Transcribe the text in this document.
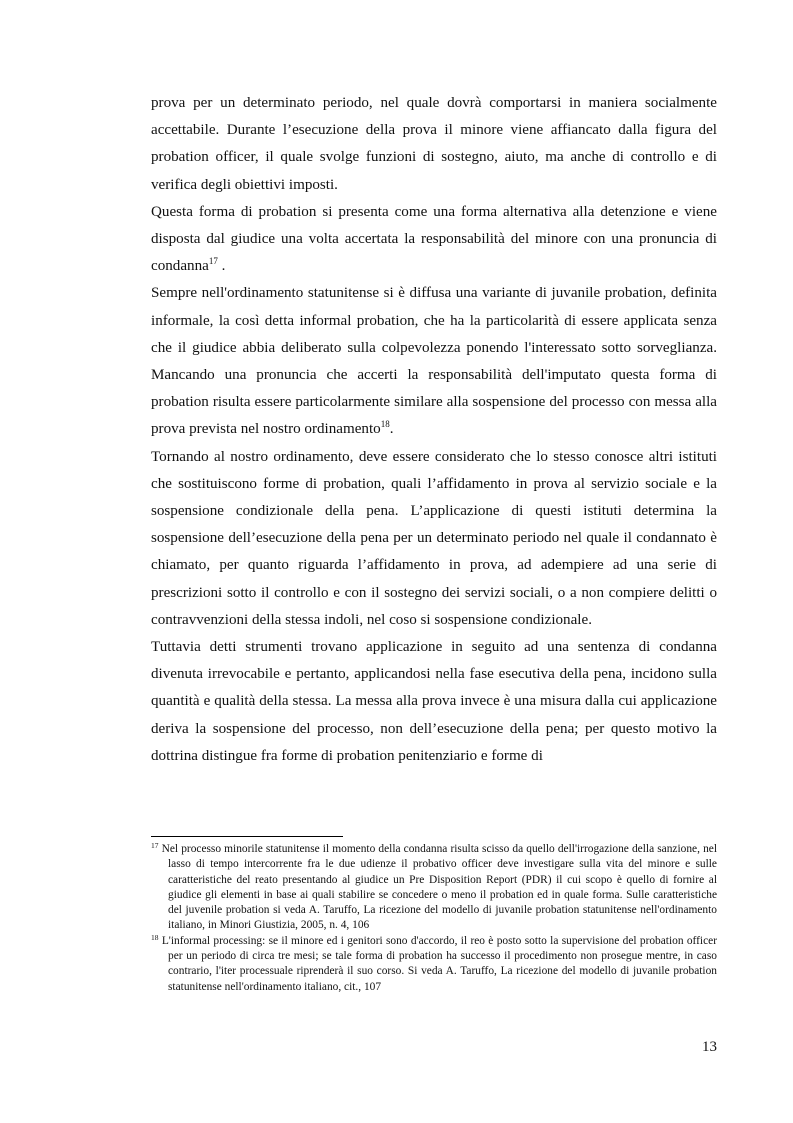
prova per un determinato periodo, nel quale dovrà comportarsi in maniera socialmente accettabile. Durante l’esecuzione della prova il minore viene affiancato dalla figura del probation officer, il quale svolge funzioni di sostegno, aiuto, ma anche di controllo e di verifica degli obiettivi imposti.

Questa forma di probation si presenta come una forma alternativa alla detenzione e viene disposta dal giudice una volta accertata la responsabilità del minore con una pronuncia di condanna$^{17}$ .

Sempre nell'ordinamento statunitense si è diffusa una variante di juvanile probation, definita informale, la così detta informal probation, che ha la particolarità di essere applicata senza che il giudice abbia deliberato sulla colpevolezza ponendo l'interessato sotto sorveglianza. Mancando una pronuncia che accerti la responsabilità dell'imputato questa forma di probation risulta essere particolarmente similare alla sospensione del processo con messa alla prova prevista nel nostro ordinamento$^{18}$.

Tornando al nostro ordinamento, deve essere considerato che lo stesso conosce altri istituti che sostituiscono forme di probation, quali l’affidamento in prova al servizio sociale e la sospensione condizionale della pena. L’applicazione di questi istituti determina la sospensione dell’esecuzione della pena per un determinato periodo nel quale il condannato è chiamato, per quanto riguarda l’affidamento in prova, ad adempiere ad una serie di prescrizioni sotto il controllo e con il sostegno dei servizi sociali, o a non compiere delitti o contravvenzioni della stessa indoli, nel coso si sospensione condizionale.

Tuttavia detti strumenti trovano applicazione in seguito ad una sentenza di condanna divenuta irrevocabile e pertanto, applicandosi nella fase esecutiva della pena, incidono sulla quantità e qualità della stessa. La messa alla prova invece è una misura dalla cui applicazione deriva la sospensione del processo, non dell’esecuzione della pena; per questo motivo la dottrina distingue fra forme di probation penitenziario e forme di

$^{17}$ Nel processo minorile statunitense il momento della condanna risulta scisso da quello dell'irrogazione della sanzione, nel lasso di tempo intercorrente fra le due udienze il probativo officer deve investigare sulla vita del minore e sulle caratteristiche del reato presentando al giudice un Pre Disposition Report (PDR) il cui scopo è quello di fornire al giudice gli elementi in base ai quali stabilire se concedere o meno il probation ed in quale forma. Sulle caratteristiche del juvenile probation si veda A. Taruffo, La ricezione del modello di juvanile probation statunitense nell'ordinamento italiano, in Minori Giustizia, 2005, n. 4, 106

$^{18}$ L'informal processing: se il minore ed i genitori sono d'accordo, il reo è posto sotto la supervisione del probation officer per un periodo di circa tre mesi; se tale forma di probation ha successo il procedimento non prosegue mentre, in caso contrario, l'iter processuale riprenderà il suo corso. Si veda A. Taruffo, La ricezione del modello di juvanile probation statunitense nell'ordinamento italiano, cit., 107

13
